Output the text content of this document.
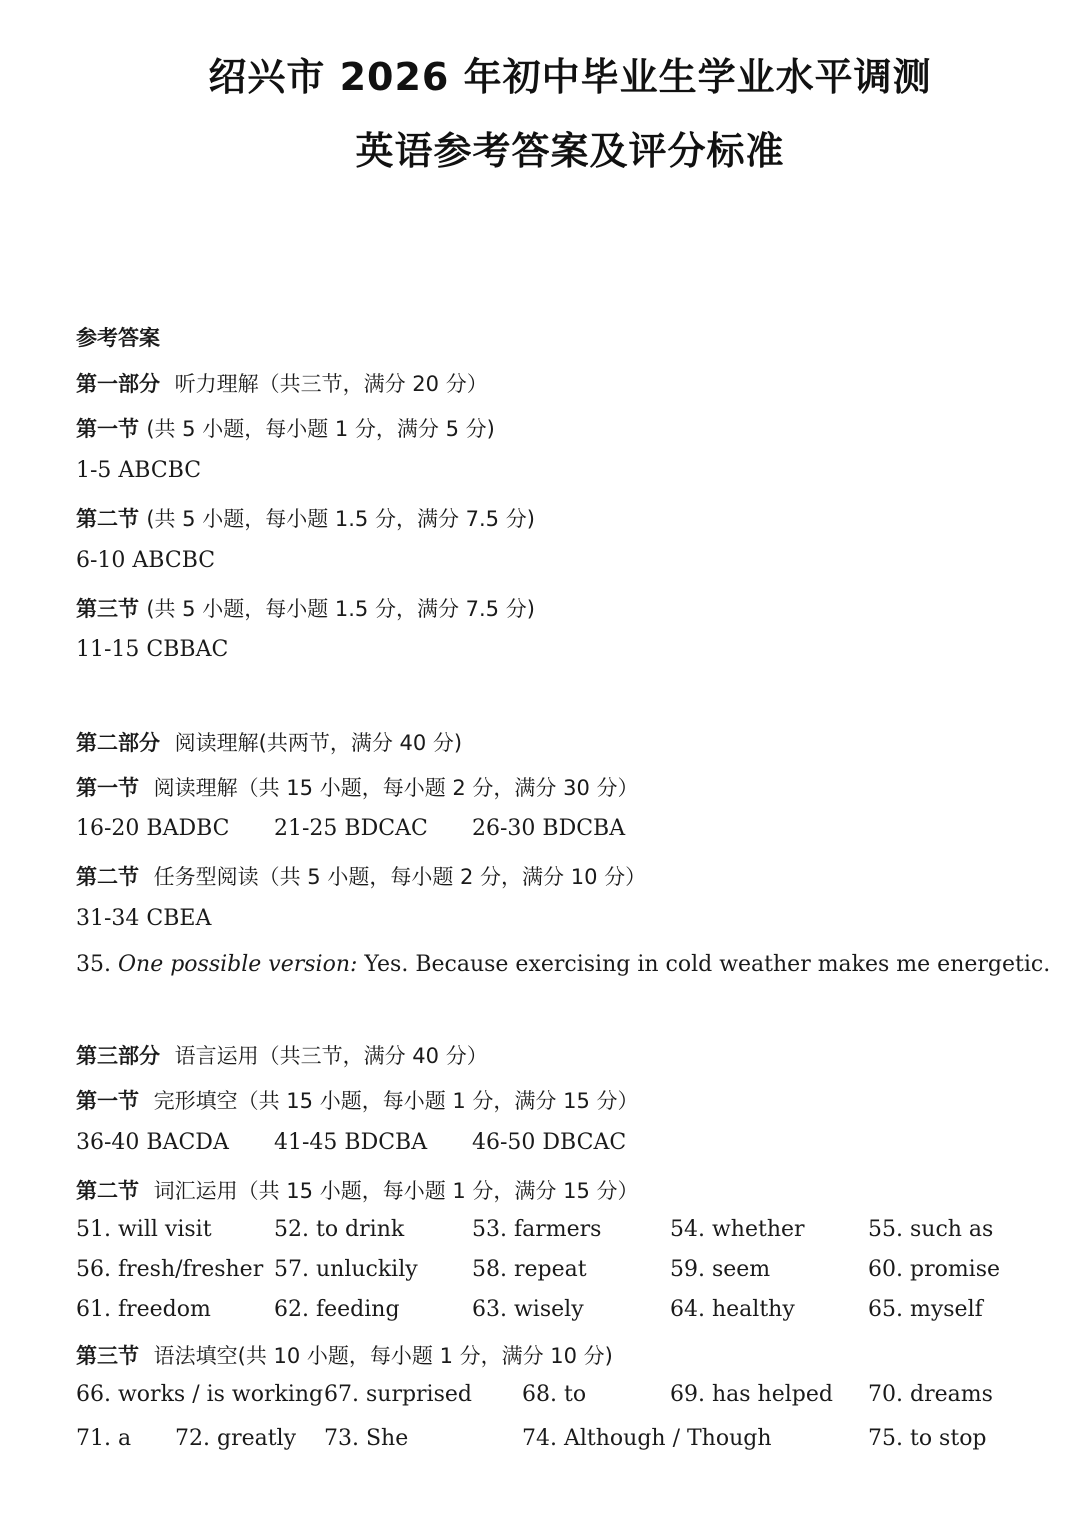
绍兴市 2026 年初中毕业生学业水平调测
英语参考答案及评分标准
参考答案
第一部分 听力理解（共三节，满分 20 分）
第一节 (共 5 小题，每小题 1 分，满分 5 分)
1-5 ABCBC
第二节 (共 5 小题，每小题 1.5 分，满分 7.5 分)
6-10 ABCBC
第三节 (共 5 小题，每小题 1.5 分，满分 7.5 分)
11-15 CBBAC
第二部分 阅读理解(共两节，满分 40 分)
第一节 阅读理解（共 15 小题，每小题 2 分，满分 30 分）
16-20 BADBC 21-25 BDCAC 26-30 BDCBA
第二节 任务型阅读（共 5 小题，每小题 2 分，满分 10 分）
31-34 CBEA
35. One possible version: Yes. Because exercising in cold weather makes me energetic.
第三部分 语言运用（共三节，满分 40 分）
第一节 完形填空（共 15 小题，每小题 1 分，满分 15 分）
36-40 BACDA 41-45 BDCBA 46-50 DBCAC
第二节 词汇运用（共 15 小题，每小题 1 分，满分 15 分）
51. will visit	52. to drink	53. farmers	54. whether	55. such as
56. fresh/fresher 57. unluckily 58. repeat	59. seem	60. promise
61. freedom	62. feeding	63. wisely	64. healthy	65. myself
第三节 语法填空(共 10 小题，每小题 1 分，满分 10 分)
66. works / is working 67. surprised 68. to	69. has helped 70. dreams
71. a 72. greatly 73. She	74. Although / Though	75. to stop
